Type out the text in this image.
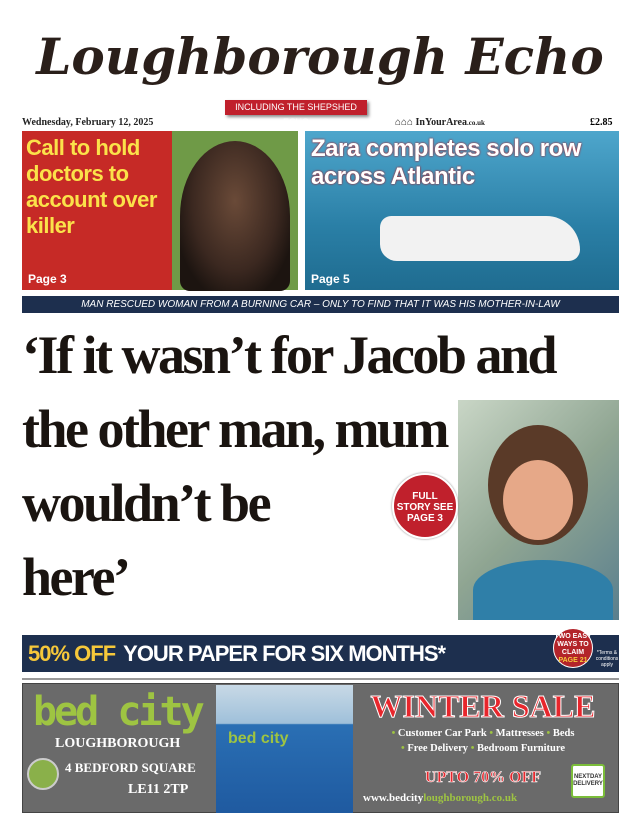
Loughborough Echo
INCLUDING THE SHEPSHED ECHO
Wednesday, February 12, 2025	⌂⌂⌂ InYourArea.co.uk	£2.85
Call to hold doctors to account over killer
Page 3
Zara completes solo row across Atlantic
Page 5
MAN RESCUED WOMAN FROM A BURNING CAR – ONLY TO FIND THAT IT WAS HIS MOTHER-IN-LAW
‘If it wasn’t for Jacob and the other man, mum wouldn’t be here’
FULL
STORY SEE
PAGE 3
50% OFF YOUR PAPER FOR SIX MONTHS*
TWO EASY WAYS TO CLAIM
PAGE 21
*Terms & conditions apply
bed city
LOUGHBOROUGH
4 BEDFORD SQUARE
LE11 2TP
bed city
WINTER SALE
• Customer Car Park • Mattresses • Beds
• Free Delivery • Bedroom Furniture
UPTO 70% OFF
www.bedcityloughborough.co.uk
NEXTDAY DELIVERY
